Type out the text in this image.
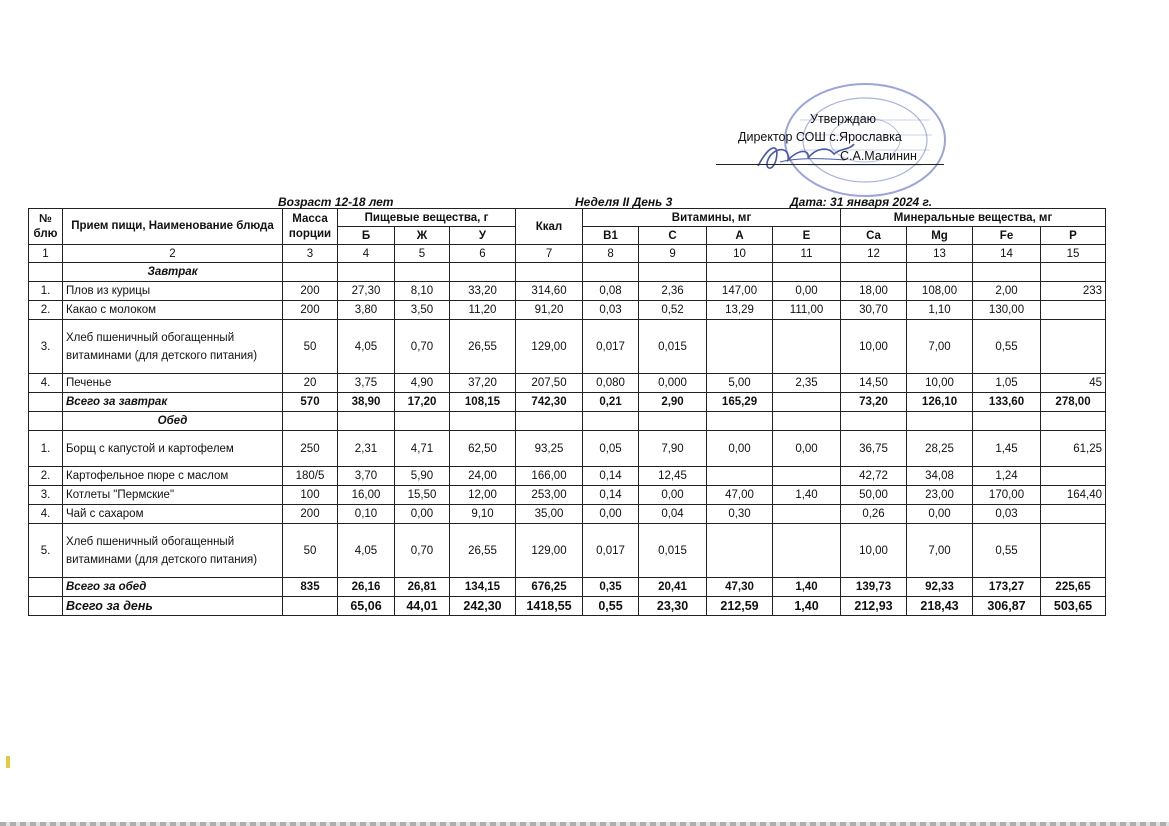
Утверждаю
Директор СОШ с.Ярославка
С.А.Малинин
Возраст 12-18 лет	Неделя II День 3	Дата: 31 января 2024 г.
№ блю	Прием пищи, Наименование блюда	Масса порции	Пищевые вещества, г			Ккал	Витамины, мг				Минеральные вещества, мг			
			Б	Ж	У		В1	С	А	Е	Ca	Mg	Fe	P
1	2	3	4	5	6	7	8	9	10	11	12	13	14	15
	Завтрак													
1.	Плов из курицы	200	27,30	8,10	33,20	314,60	0,08	2,36	147,00	0,00	18,00	108,00	2,00	233
2.	Какао с молоком	200	3,80	3,50	11,20	91,20	0,03	0,52	13,29	111,00	30,70	1,10	130,00	
3.	Хлеб пшеничный обогащенный витаминами (для детского питания)	50	4,05	0,70	26,55	129,00	0,017	0,015			10,00	7,00	0,55	
4.	Печенье	20	3,75	4,90	37,20	207,50	0,080	0,000	5,00	2,35	14,50	10,00	1,05	45
	Всего за завтрак	570	38,90	17,20	108,15	742,30	0,21	2,90	165,29		73,20	126,10	133,60	278,00
	Обед													
1.	Борщ с капустой и картофелем	250	2,31	4,71	62,50	93,25	0,05	7,90	0,00	0,00	36,75	28,25	1,45	61,25
2.	Картофельное пюре с маслом	180/5	3,70	5,90	24,00	166,00	0,14	12,45			42,72	34,08	1,24	
3.	Котлеты "Пермские"	100	16,00	15,50	12,00	253,00	0,14	0,00	47,00	1,40	50,00	23,00	170,00	164,40
4.	Чай с сахаром	200	0,10	0,00	9,10	35,00	0,00	0,04	0,30		0,26	0,00	0,03	
5.	Хлеб пшеничный обогащенный витаминами (для детского питания)	50	4,05	0,70	26,55	129,00	0,017	0,015			10,00	7,00	0,55	
	Всего за обед	835	26,16	26,81	134,15	676,25	0,35	20,41	47,30	1,40	139,73	92,33	173,27	225,65
	Всего за день		65,06	44,01	242,30	1418,55	0,55	23,30	212,59	1,40	212,93	218,43	306,87	503,65
